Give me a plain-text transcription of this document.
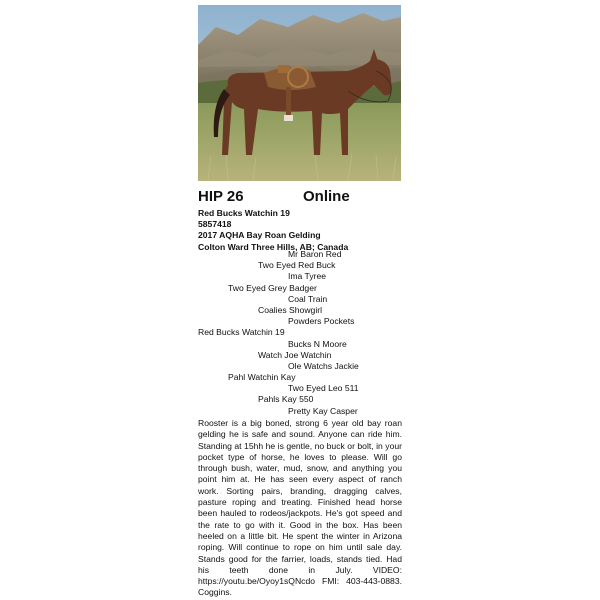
HIP 26	Online
Red Bucks Watchin 19
5857418
2017 AQHA Bay Roan Gelding
Colton Ward Three Hills, AB; Canada
Mr Baron Red
Two Eyed Red Buck
Ima Tyree
Two Eyed Grey Badger
Coal Train
Coalies Showgirl
Powders Pockets
Red Bucks Watchin 19
Bucks N Moore
Watch Joe Watchin
Ole Watchs Jackie
Pahl Watchin Kay
Two Eyed Leo 511
Pahls Kay 550
Pretty Kay Casper
Rooster is a big boned, strong 6 year old bay roan gelding he is safe and sound. Anyone can ride him. Standing at 15hh he is gentle, no buck or bolt, in your pocket type of horse, he loves to please. Will go through bush, water, mud, snow, and anything you point him at. He has seen every aspect of ranch work. Sorting pairs, branding, dragging calves, pasture roping and treating. Finished head horse been hauled to rodeos/jackpots. He's got speed and the rate to go with it. Good in the box. Has been heeled on a little bit. He spent the winter in Arizona roping. Will continue to rope on him until sale day. Stands good for the farrier, loads, stands tied. Had his teeth done in July. VIDEO: https://youtu.be/Oyoy1sQNcdo FMI: 403-443-0883. Coggins.
